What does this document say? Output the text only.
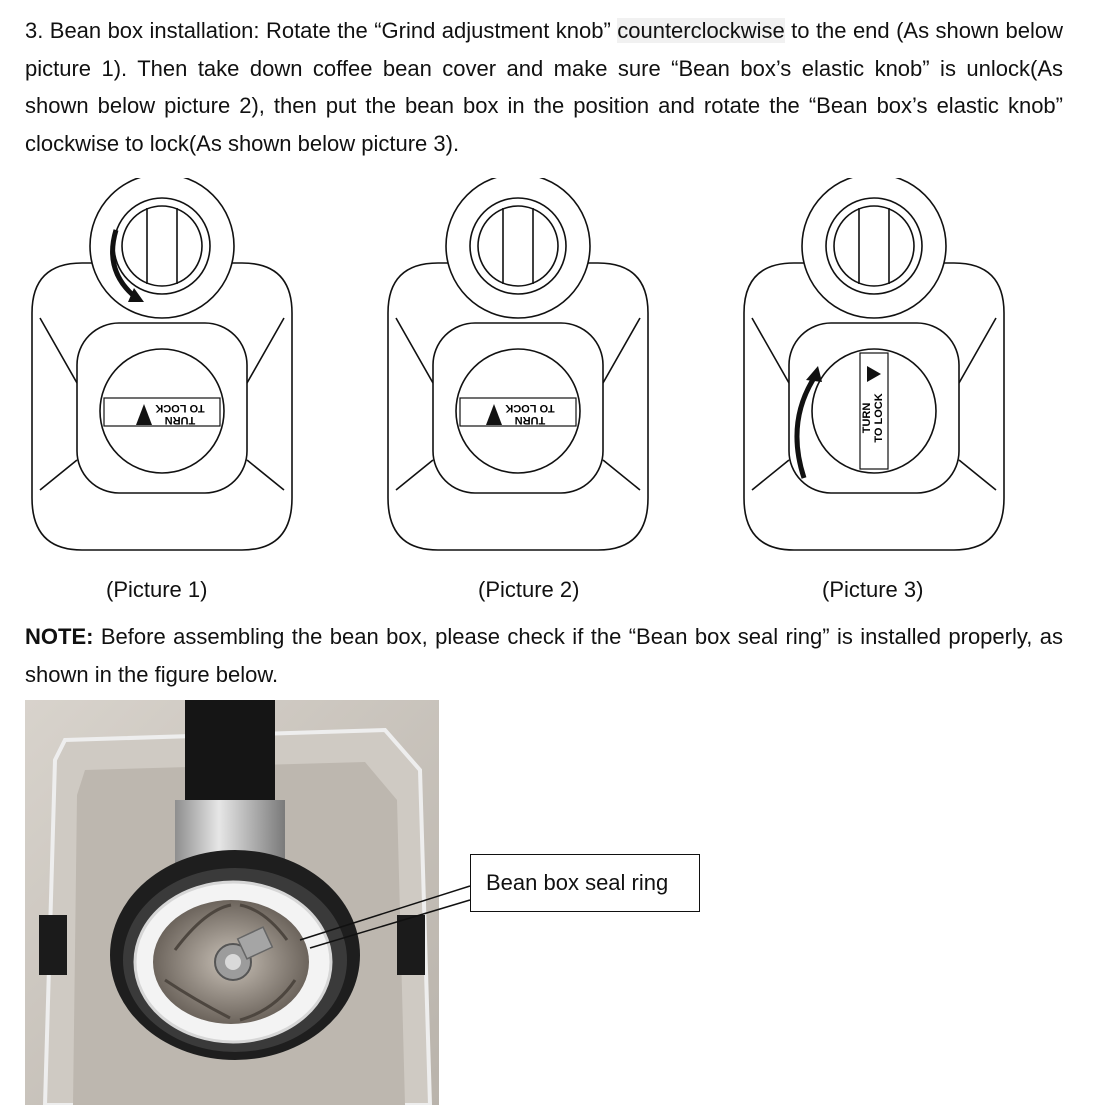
3. Bean box installation: Rotate the “Grind adjustment knob” counterclockwise to the end (As shown below picture 1). Then take down coffee bean cover and make sure “Bean box’s elastic knob” is unlock(As shown below picture 2), then put the bean box in the position and rotate the “Bean box’s elastic knob” clockwise to lock(As shown below picture 3).
TURN
TO LOCK
TURN
TO LOCK	TURN TO LOCK
(Picture 1)	(Picture 2)	(Picture 3)
NOTE: Before assembling the bean box, please check if the “Bean box seal ring” is installed properly, as shown in the figure below.
Bean box seal ring
